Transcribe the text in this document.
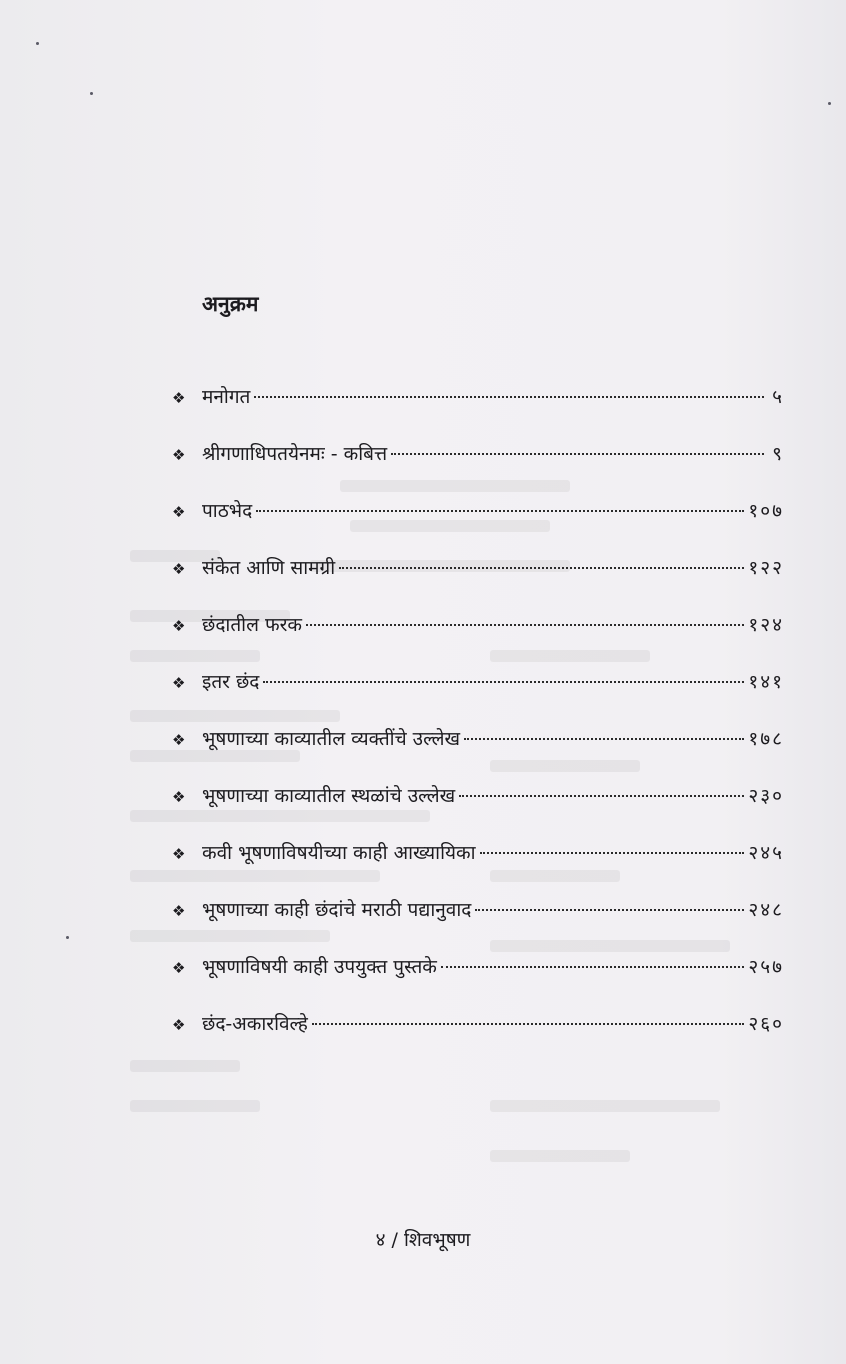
अनुक्रम
❖ मनोगत	५
❖ श्रीगणाधिपतयेनमः - कबित्त	९
❖ पाठभेद	१०७
❖ संकेत आणि सामग्री	१२२
❖ छंदातील फरक	१२४
❖ इतर छंद	१४१
❖ भूषणाच्या काव्यातील व्यक्तींचे उल्लेख	१७८
❖ भूषणाच्या काव्यातील स्थळांचे उल्लेख	२३०
❖ कवी भूषणाविषयीच्या काही आख्यायिका	२४५
❖ भूषणाच्या काही छंदांचे मराठी पद्यानुवाद	२४८
❖ भूषणाविषयी काही उपयुक्त पुस्तके	२५७
❖ छंद-अकारविल्हे	२६०
४ / शिवभूषण
